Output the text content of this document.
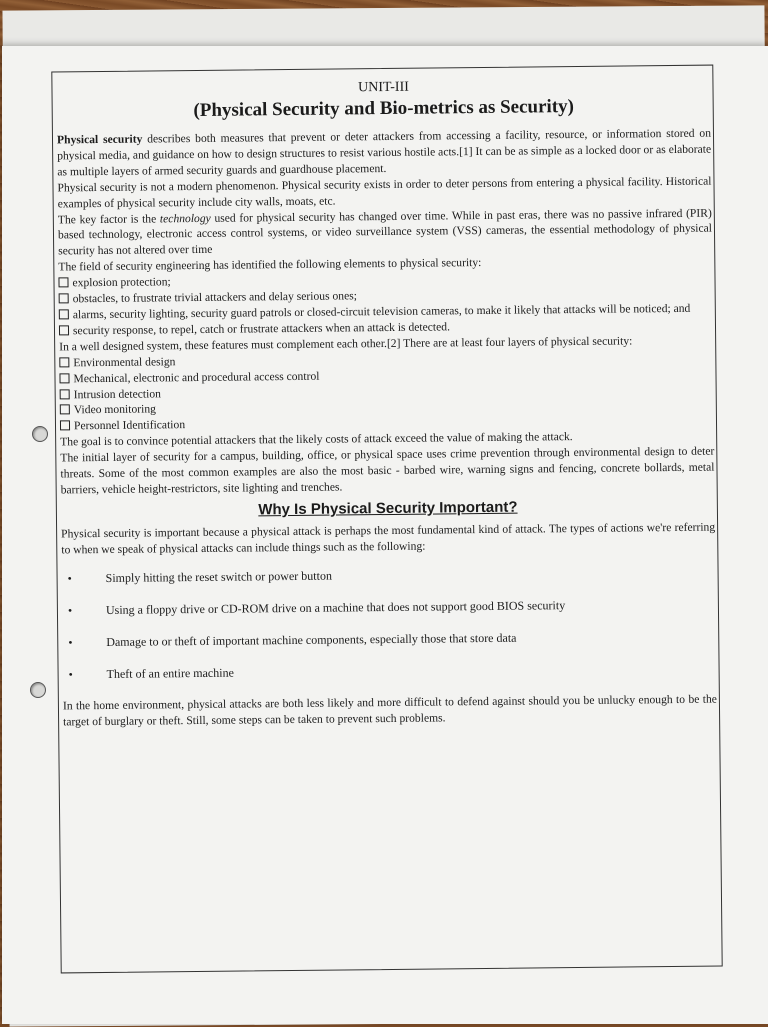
UNIT-III
(Physical Security and Bio-metrics as Security)

Physical security describes both measures that prevent or deter attackers from accessing a facility, resource, or information stored on physical media, and guidance on how to design structures to resist various hostile acts.[1] It can be as simple as a locked door or as elaborate as multiple layers of armed security guards and guardhouse placement.

Physical security is not a modern phenomenon. Physical security exists in order to deter persons from entering a physical facility. Historical examples of physical security include city walls, moats, etc.

The key factor is the technology used for physical security has changed over time. While in past eras, there was no passive infrared (PIR) based technology, electronic access control systems, or video surveillance system (VSS) cameras, the essential methodology of physical security has not altered over time

The field of security engineering has identified the following elements to physical security:

explosion protection;
obstacles, to frustrate trivial attackers and delay serious ones;
alarms, security lighting, security guard patrols or closed-circuit television cameras, to make it likely that attacks will be noticed; and
security response, to repel, catch or frustrate attackers when an attack is detected.

In a well designed system, these features must complement each other.[2] There are at least four layers of physical security:

Environmental design
Mechanical, electronic and procedural access control
Intrusion detection
Video monitoring
Personnel Identification

The goal is to convince potential attackers that the likely costs of attack exceed the value of making the attack.

The initial layer of security for a campus, building, office, or physical space uses crime prevention through environmental design to deter threats. Some of the most common examples are also the most basic - barbed wire, warning signs and fencing, concrete bollards, metal barriers, vehicle height-restrictors, site lighting and trenches.

Why Is Physical Security Important?

Physical security is important because a physical attack is perhaps the most fundamental kind of attack. The types of actions we're referring to when we speak of physical attacks can include things such as the following:

•	Simply hitting the reset switch or power button
•	Using a floppy drive or CD-ROM drive on a machine that does not support good BIOS security
•	Damage to or theft of important machine components, especially those that store data
•	Theft of an entire machine

In the home environment, physical attacks are both less likely and more difficult to defend against should you be unlucky enough to be the target of burglary or theft. Still, some steps can be taken to prevent such problems.
